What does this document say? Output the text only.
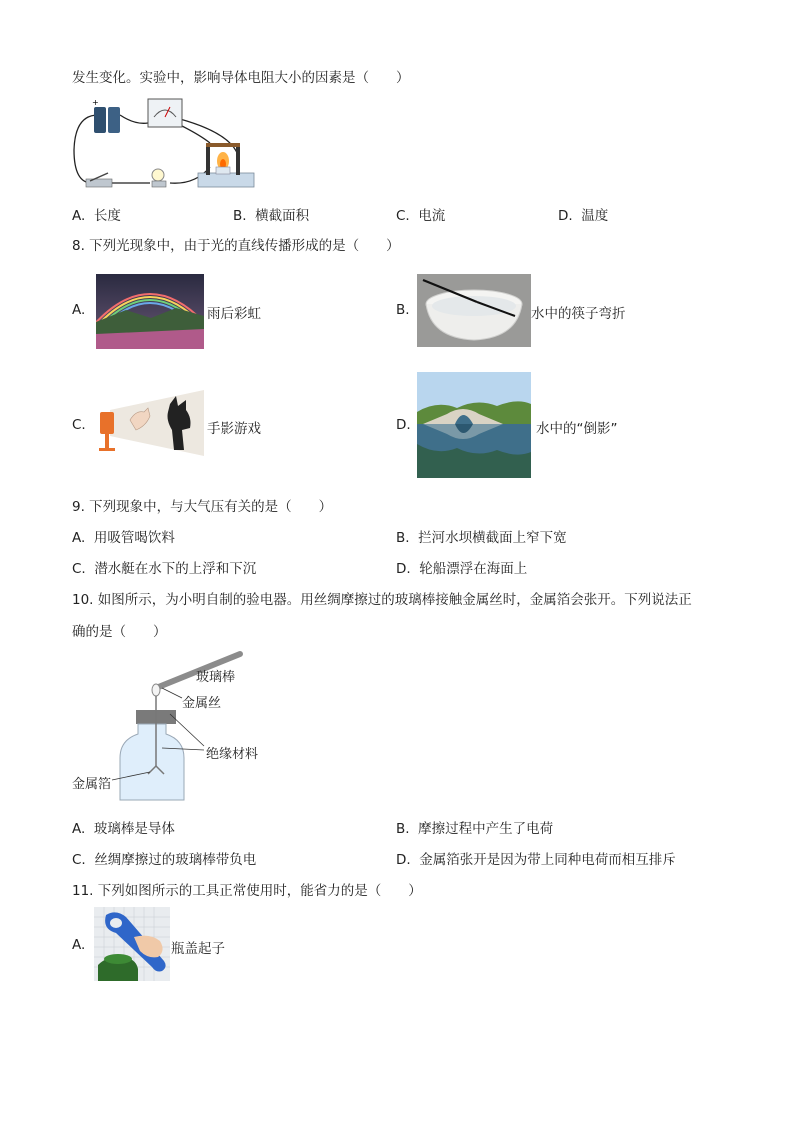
发生变化。实验中，影响导体电阻大小的因素是（　　）
+
A. 长度	B. 横截面积	C. 电流	D. 温度
8. 下列光现象中，由于光的直线传播形成的是（　　）
A.	雨后彩虹	B.	水中的筷子弯折
C.	手影游戏	D.	水中的“倒影”
9. 下列现象中，与大气压有关的是（　　）
A. 用吸管喝饮料	B. 拦河水坝横截面上窄下宽
C. 潜水艇在水下的上浮和下沉	D. 轮船漂浮在海面上
10. 如图所示，为小明自制的验电器。用丝绸摩擦过的玻璃棒接触金属丝时，金属箔会张开。下列说法正
确的是（　　）
玻璃棒
金属丝
绝缘材料
金属箔
A. 玻璃棒是导体	B. 摩擦过程中产生了电荷
C. 丝绸摩擦过的玻璃棒带负电	D. 金属箔张开是因为带上同种电荷而相互排斥
11. 下列如图所示的工具正常使用时，能省力的是（　　）
A.	瓶盖起子
